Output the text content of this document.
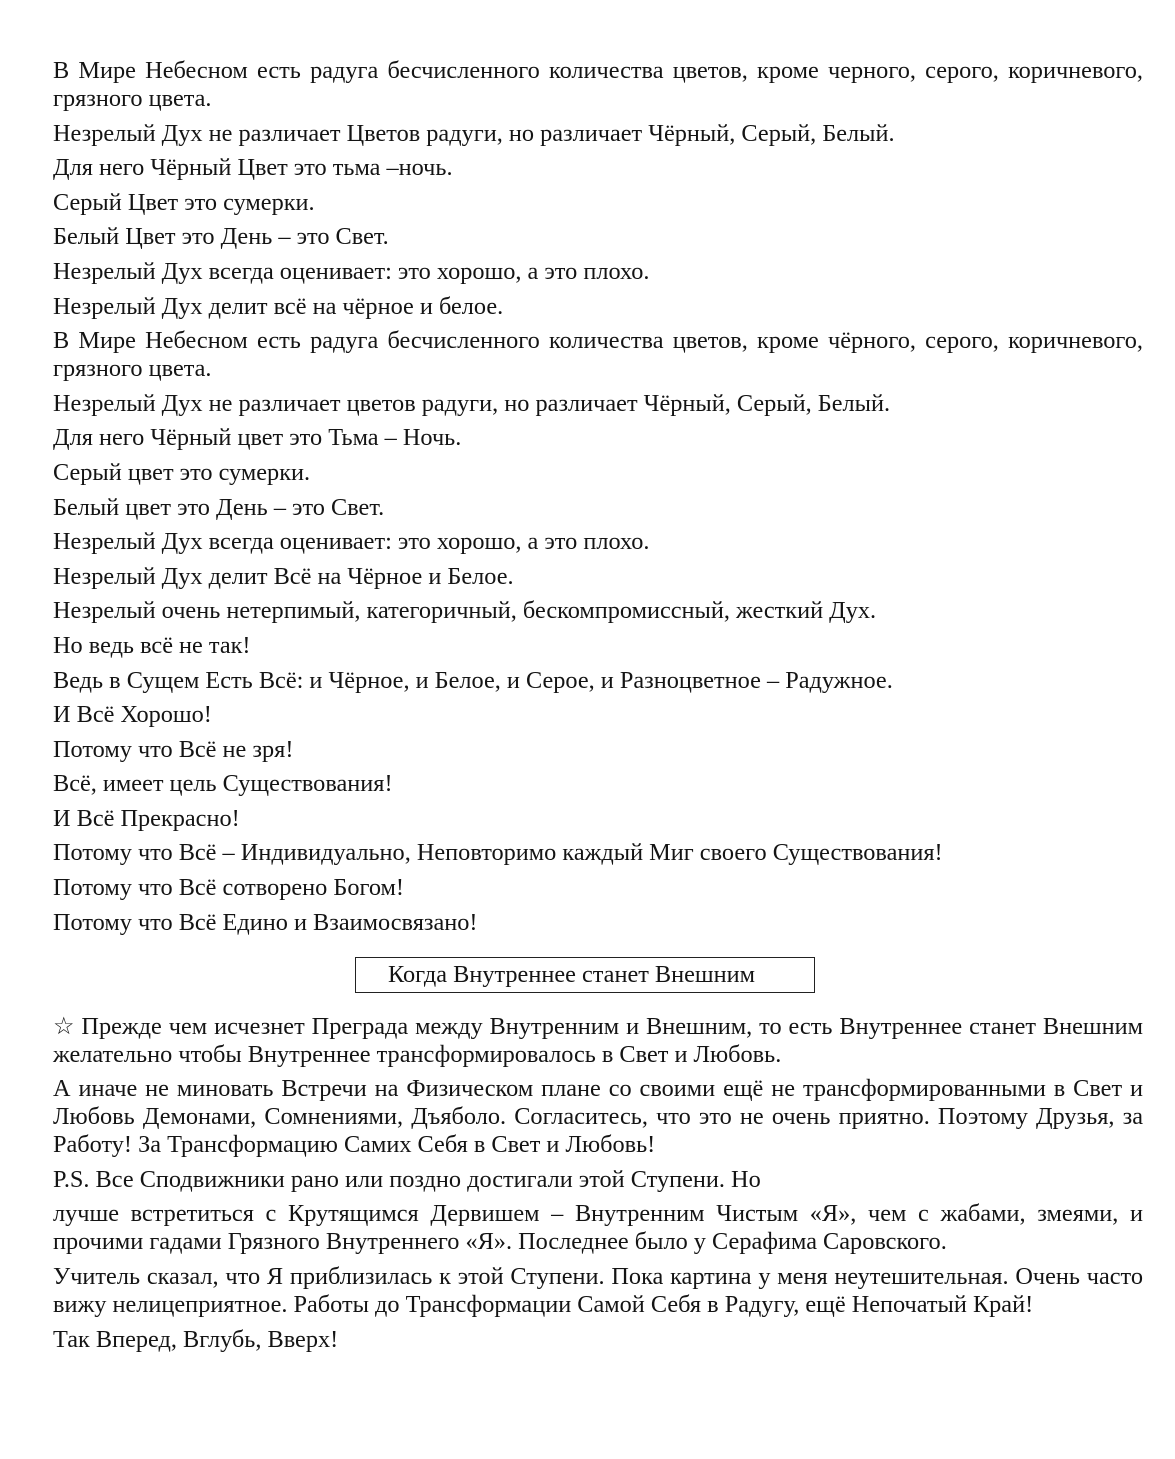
В Мире Небесном есть радуга бесчисленного количества цветов, кроме черного, серого, коричневого, грязного цвета.

Незрелый Дух не различает Цветов радуги, но различает Чёрный, Серый, Белый.

Для него Чёрный Цвет это тьма –ночь.

Серый Цвет это сумерки.

Белый Цвет это День – это Свет.

Незрелый Дух всегда оценивает: это хорошо, а это плохо.

Незрелый Дух делит всё на чёрное и белое.

В Мире Небесном есть радуга бесчисленного количества цветов, кроме чёрного, серого, коричневого, грязного цвета.

Незрелый Дух не различает цветов радуги, но различает Чёрный, Серый, Белый.

Для него Чёрный цвет это Тьма – Ночь.

Серый цвет это сумерки.

Белый цвет это День – это Свет.

Незрелый Дух всегда оценивает: это хорошо, а это плохо.

Незрелый Дух делит Всё на Чёрное и Белое.

Незрелый очень нетерпимый, категоричный, бескомпромиссный, жесткий Дух.

Но ведь всё не так!

Ведь в Сущем Есть Всё: и Чёрное, и Белое, и Серое, и Разноцветное – Радужное.

И Всё Хорошо!

Потому что Всё не зря!

Всё, имеет цель Существования!

И Всё Прекрасно!

Потому что Всё – Индивидуально, Неповторимо каждый Миг своего Существования!

Потому что Всё сотворено Богом!

Потому что Всё Едино и Взаимосвязано!

Когда Внутреннее станет Внешним

☆ Прежде чем исчезнет Преграда между Внутренним и Внешним, то есть Внутреннее станет Внешним желательно чтобы Внутреннее трансформировалось в Свет и Любовь.

А иначе не миновать Встречи на Физическом плане со своими ещё не трансформированными в Свет и Любовь Демонами, Сомнениями, Дъяболо. Согласитесь, что это не очень приятно. Поэтому Друзья, за Работу! За Трансформацию Самих Себя в Свет и Любовь!

P.S. Все Сподвижники рано или поздно достигали этой Ступени. Но

лучше встретиться с Крутящимся Дервишем – Внутренним Чистым «Я», чем с жабами, змеями, и прочими гадами Грязного Внутреннего «Я». Последнее было у Серафима Саровского.

Учитель сказал, что Я приблизилась к этой Ступени. Пока картина у меня неутешительная. Очень часто вижу нелицеприятное. Работы до Трансформации Самой Себя в Радугу, ещё Непочатый Край!

Так Вперед, Вглубь, Вверх!
